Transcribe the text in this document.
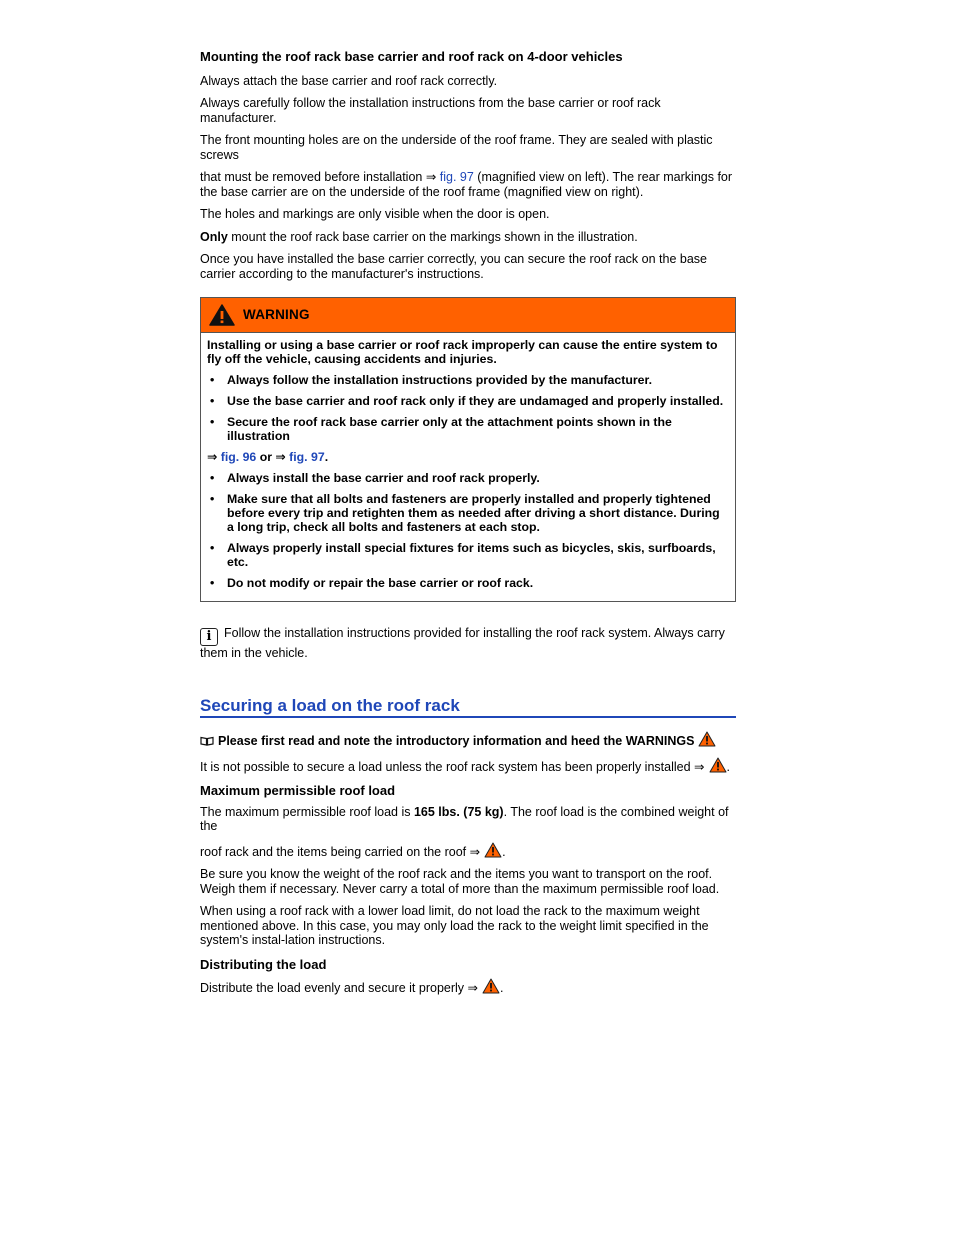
Mounting the roof rack base carrier and roof rack on 4-door vehicles

Always attach the base carrier and roof rack correctly.

Always carefully follow the installation instructions from the base carrier or roof rack manufacturer.

The front mounting holes are on the underside of the roof frame. They are sealed with plastic screws

that must be removed before installation ⇒ fig. 97 (magnified view on left). The rear markings for the base carrier are on the underside of the roof frame (magnified view on right).

The holes and markings are only visible when the door is open.

Only mount the roof rack base carrier on the markings shown in the illustration.

Once you have installed the base carrier correctly, you can secure the roof rack on the base carrier according to the manufacturer's instructions.

WARNING

Installing or using a base carrier or roof rack improperly can cause the entire system to fly off the vehicle, causing accidents and injuries.

• Always follow the installation instructions provided by the manufacturer.
• Use the base carrier and roof rack only if they are undamaged and properly installed.
• Secure the roof rack base carrier only at the attachment points shown in the illustration

⇒ fig. 96 or ⇒ fig. 97.

• Always install the base carrier and roof rack properly.
• Make sure that all bolts and fasteners are properly installed and properly tightened before every trip and retighten them as needed after driving a short distance. During a long trip, check all bolts and fasteners at each stop.
• Always properly install special fixtures for items such as bicycles, skis, surfboards, etc.
• Do not modify or repair the base carrier or roof rack.

i Follow the installation instructions provided for installing the roof rack system. Always carry them in the vehicle.

Securing a load on the roof rack

Please first read and note the introductory information and heed the WARNINGS

It is not possible to secure a load unless the roof rack system has been properly installed ⇒ .

Maximum permissible roof load

The maximum permissible roof load is 165 lbs. (75 kg). The roof load is the combined weight of the

roof rack and the items being carried on the roof ⇒ .

Be sure you know the weight of the roof rack and the items you want to transport on the roof. Weigh them if necessary. Never carry a total of more than the maximum permissible roof load.

When using a roof rack with a lower load limit, do not load the rack to the maximum weight mentioned above. In this case, you may only load the rack to the weight limit specified in the system's instal-lation instructions.

Distributing the load

Distribute the load evenly and secure it properly ⇒ .
